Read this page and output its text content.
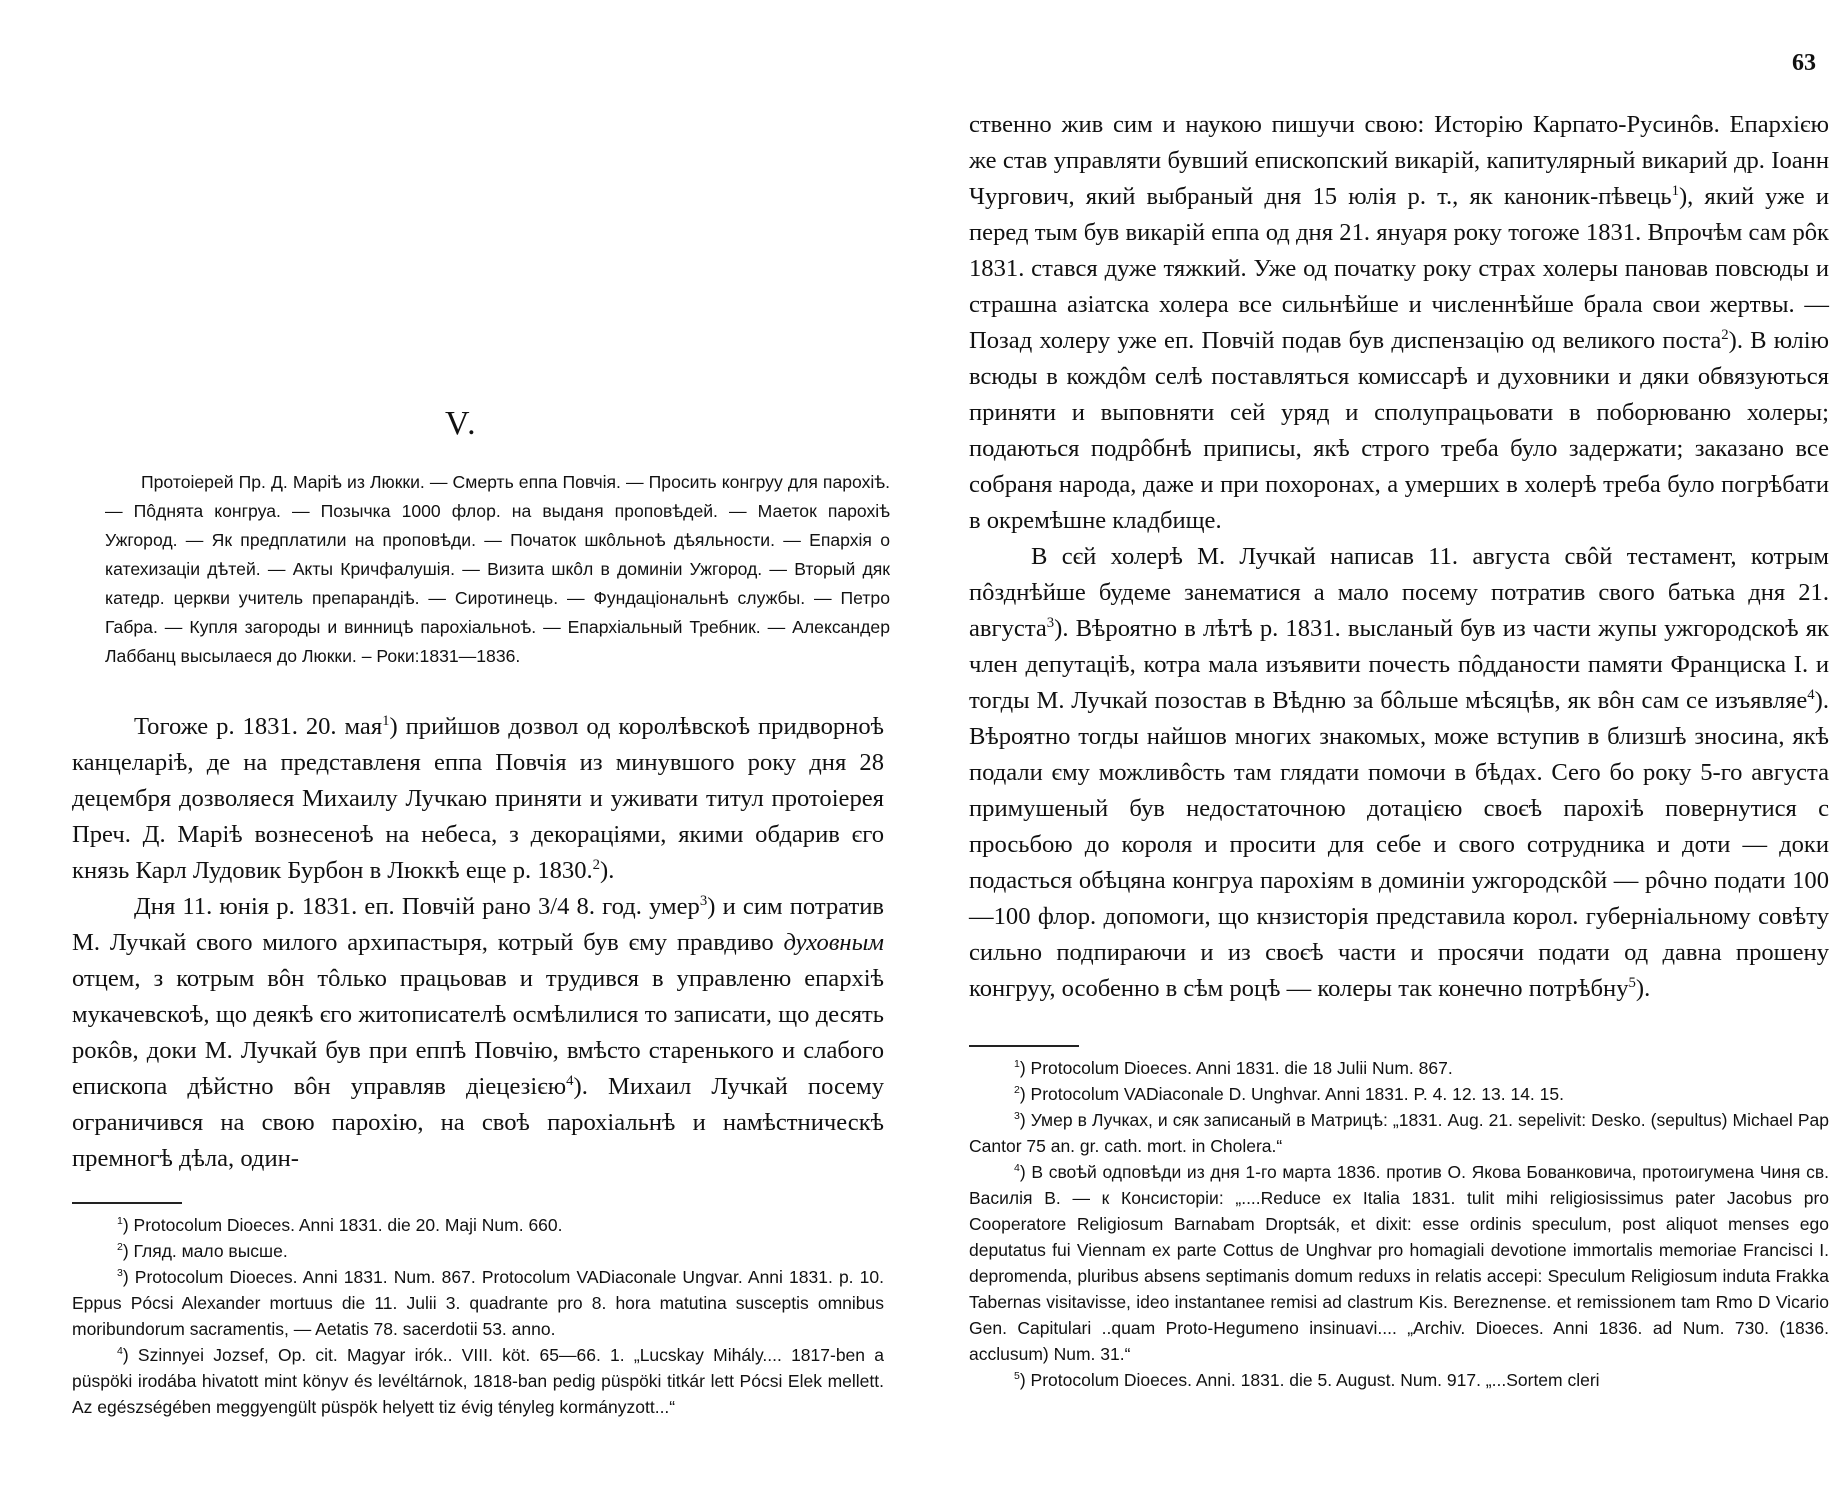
V.
Протоіерей Пр. Д. Марiѣ из Люкки. — Смерть еппа Повчія. — Просить конгруу для парохiѣ. — Пôднята конгруа. — Позычка 1000 флор. на выданя проповѣдей. — Маеток парохiѣ Ужгород. — Як предплатили на проповѣди. — Початок шкôльноѣ дѣяльности. — Епархія о катехизацiи дѣтей. — Акты Кричфалушія. — Визита шкôл в доминiи Ужгород. — Вторый дяк катедр. церкви учитель препарандiѣ. — Сиротинець. — Фундацiональнѣ службы. — Петро Габра. — Купля загороды и винницѣ парохiальноѣ. — Епархiальный Требник. — Александер Лаббанц высылаеся до Люкки. – Роки:1831—1836.

Тогоже р. 1831. 20. мая$^1$) прийшов дозвол од королѣвскоѣ придворноѣ канцеларiѣ, де на представленя еппа Повчія из минувшого року дня 28 децембря дозволяеся Михаилу Лучкаю приняти и уживати титул протоiерея Преч. Д. Марiѣ вознесеноѣ на небеса, з декорацiями, якими обдарив єго князь Карл Лудовик Бурбон в Люккѣ еще р. 1830.$^2$).

Дня 11. юнія р. 1831. еп. Повчій рано 3/4 8. год. умер$^3$) и сим потратив М. Лучкай свого милого архипастыря, котрый був єму правдиво духовным отцем, з котрым вôн тôлько працьовав и трудився в управленю епархiѣ мукачевскоѣ, що деякѣ єго житописателѣ осмѣлилися то записати, що десять рокôв, доки М. Лучкай був при еппѣ Повчію, вмѣсто старенького и слабого епископа дѣйстно вôн управляв дiецезiєю$^4$). Михаил Лучкай посему ограничився на свою парохiю, на своѣ парохiальнѣ и намѣстническѣ премногѣ дѣла, один-

$^1$) Protocolum Dioeces. Anni 1831. die 20. Maji Num. 660.

$^2$) Гляд. мало высше.

$^3$) Protocolum Dioeces. Anni 1831. Num. 867. Protocolum VADiaconale Ungvar. Anni 1831. p. 10. Eppus Pócsi Alexander mortuus die 11. Julii 3. quadrante pro 8. hora matutina susceptis omnibus moribundorum sacramentis, — Aetatis 78. sacerdotii 53. anno.

$^4$) Szinnyei Jozsef, Op. cit. Magyar irók.. VIII. köt. 65—66. 1. „Lucskay Mihály.... 1817-ben a püspöki irodába hivatott mint könyv és levéltárnok, 1818-ban pedig püspöki titkár lett Pócsi Elek mellett. Az egészségében meggyengült püspök helyett tiz évig tényleg kormányzott...“

63

ственно жив сим и наукою пишучи свою: Исторію Карпато-Русинôв. Епархiєю же став управляти бувший епископский викарій, капитулярный викарий др. Іоанн Чургович, який выбраный дня 15 юлія р. т., як каноник-пѣвець$^1$), який уже и перед тым був викарій еппа од дня 21. януаря року тогоже 1831. Впрочѣм сам рôк 1831. стався дуже тяжкий. Уже од початку року страх холеры пановав повсюды и страшна азiатска холера все сильнѣйше и численнѣйше брала свои жертвы. — Позад холеру уже еп. Повчій подав був диспензацiю од великого поста$^2$). В юлію всюды в кождôм селѣ поставляться комиссарѣ и духовники и дяки обвязуються приняти и выповняти сей уряд и сполупрацьовати в поборюваню холеры; подаються подрôбнѣ приписы, якѣ строго треба було задержати; заказано все собраня народа, даже и при похоронах, а умерших в холерѣ треба було погрѣбати в окремѣшне кладбище.

В сєй холерѣ М. Лучкай написав 11. августа свôй тестамент, котрым пôзднѣйше будеме занематися а мало посему потратив свого батька дня 21. августа$^3$). Вѣроятно в лѣтѣ р. 1831. высланый був из части жупы ужгородскоѣ як член депутацiѣ, котра мала изъявити почесть пôдданости памяти Франциска I. и тогды М. Лучкай позостав в Вѣдню за бôльше мѣсяцѣв, як вôн сам се изъявляе$^4$). Вѣроятно тогды найшов многих знакомых, може вступив в близшѣ зносина, якѣ подали єму можливôсть там глядати помочи в бѣдах. Сего бо року 5-го августа примушеный був недостаточною дотацiєю своєѣ парохiѣ повернутися с просьбою до короля и просити для себе и свого сотрудника и доти — доки подасться обѣцяна конгруа парохiям в доминiи ужгородскôй — рôчно подати 100—100 флор. допомоги, що кнзисторія представила корол. губернiальному совѣту сильно подпираючи и из своєѣ части и просячи подати од давна прошену конгруу, особенно в сѣм роцѣ — колеры так конечно потрѣбну$^5$).

$^1$) Protocolum Dioeces. Anni 1831. die 18 Julii Num. 867.

$^2$) Protocolum VADiaconale D. Unghvar. Anni 1831. P. 4. 12. 13. 14. 15.

$^3$) Умер в Лучках, и сяк записаный в Матрицѣ: „1831. Aug. 21. sepelivit: Desko. (sepultus) Michael Pap Cantor 75 an. gr. cath. mort. in Cholera.“

$^4$) В своѣй одповѣди из дня 1-го марта 1836. против О. Якова Бованковича, протоигумена Чиня св. Василія В. — к Консисторіи: „....Reduce ex Italia 1831. tulit mihi religiosissimus pater Jacobus pro Cooperatore Religiosum Barnabam Droptsák, et dixit: esse ordinis speculum, post aliquot menses ego deputatus fui Viennam ex parte Cottus de Unghvar pro homagiali devotione immortalis memoriae Francisci I. depromenda, pluribus absens septimanis domum reduxs in relatis accepi: Speculum Religiosum induta Frakka Tabernas visitavisse, ideo instantanee remisi ad clastrum Kis. Bereznense. et remissionem tam Rmo D Vicario Gen. Capitulari ..quam Proto-Hegumeno insinuavi.... „Archiv. Dioeces. Anni 1836. ad Num. 730. (1836. acclusum) Num. 31.“

$^5$) Protocolum Dioeces. Anni. 1831. die 5. August. Num. 917. „...Sortem cleri
